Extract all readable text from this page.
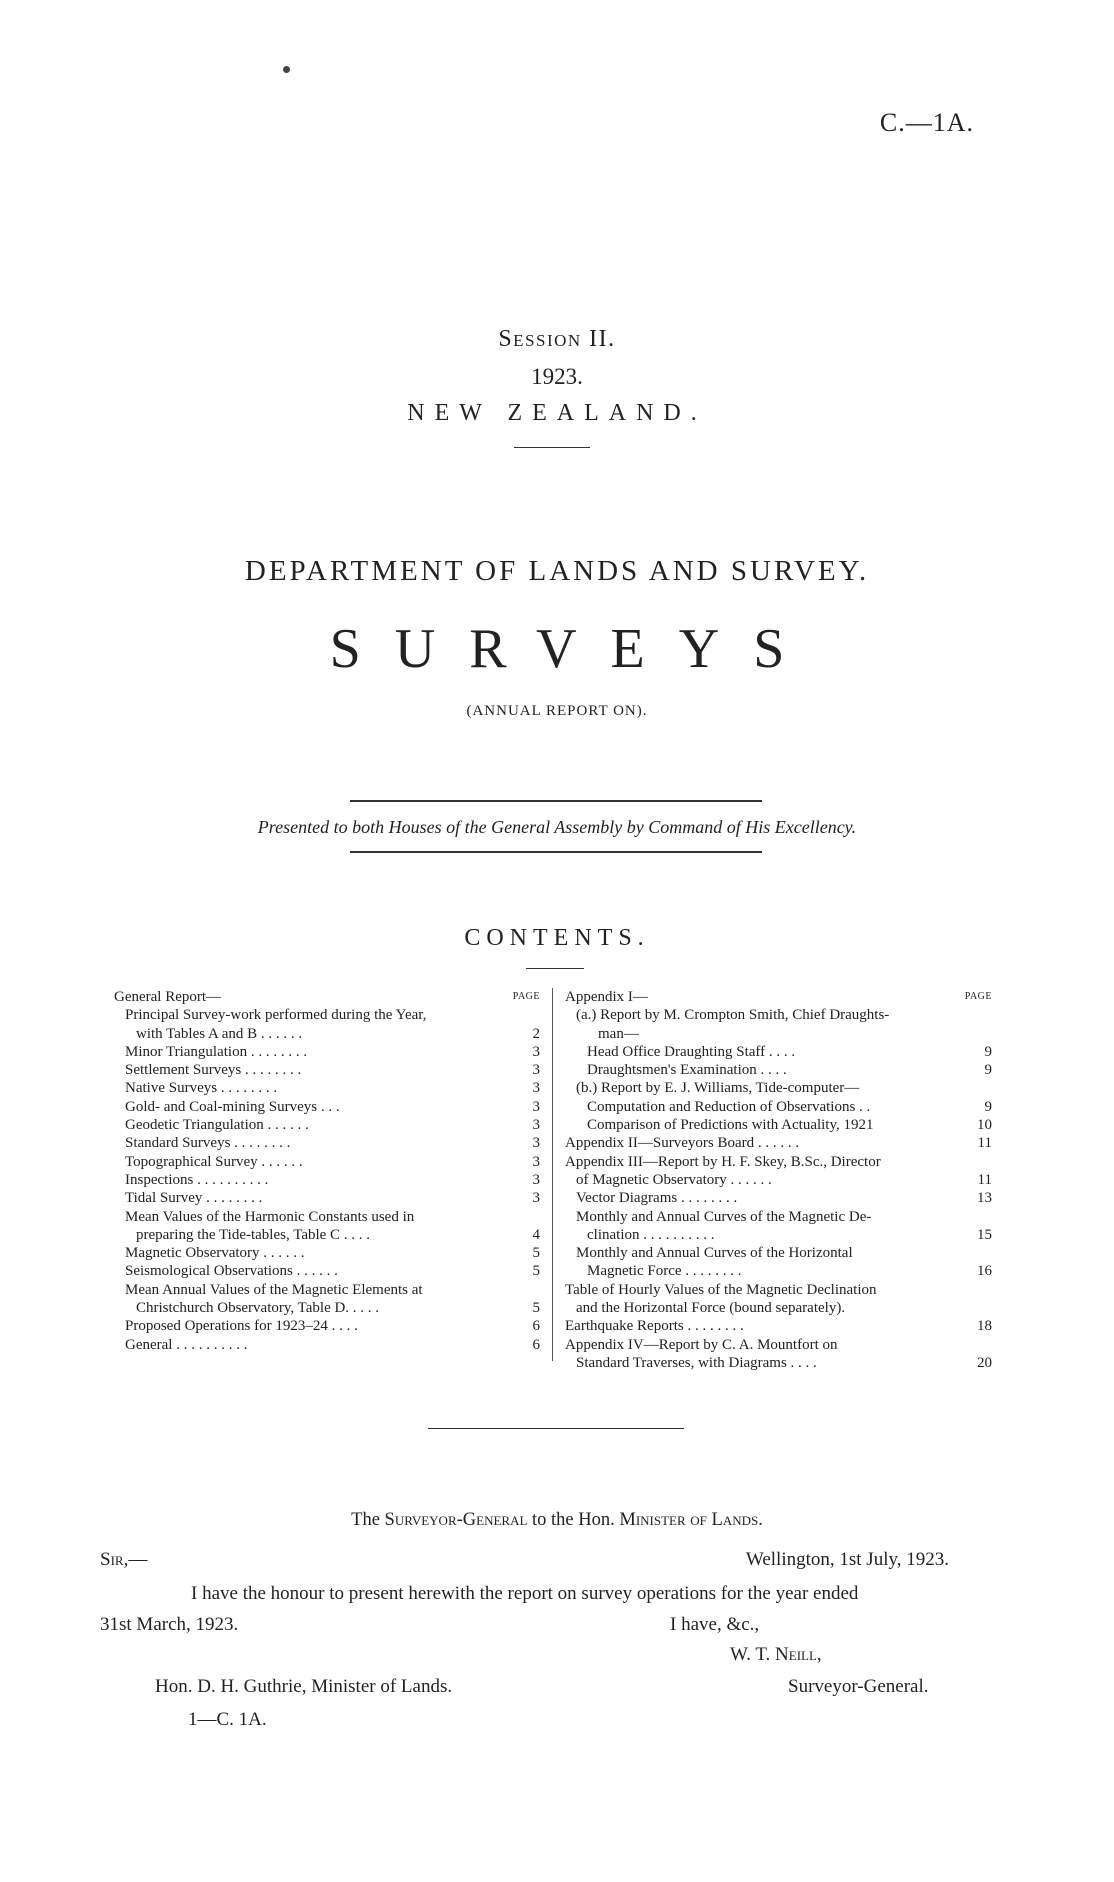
C.—1A.
Session II.
1923.
NEW ZEALAND.
DEPARTMENT OF LANDS AND SURVEY.
SURVEYS
(ANNUAL REPORT ON).
Presented to both Houses of the General Assembly by Command of His Excellency.
CONTENTS.
PAGE
General Report—
Principal Survey-work performed during the Year,
with Tables A and B . . . . . .	2
Minor Triangulation . . . . . . . .	3
Settlement Surveys . . . . . . . .	3
Native Surveys . . . . . . . .	3
Gold- and Coal-mining Surveys . . .	3
Geodetic Triangulation . . . . . .	3
Standard Surveys . . . . . . . .	3
Topographical Survey . . . . . .	3
Inspections . . . . . . . . . .	3
Tidal Survey . . . . . . . .	3
Mean Values of the Harmonic Constants used in
preparing the Tide-tables, Table C . . . .	4
Magnetic Observatory . . . . . .	5
Seismological Observations . . . . . .	5
Mean Annual Values of the Magnetic Elements at
Christchurch Observatory, Table D. . . . .	5
Proposed Operations for 1923–24 . . . .	6
General . . . . . . . . . .	6
PAGE
Appendix I—
(a.) Report by M. Crompton Smith, Chief Draughts-
man—
Head Office Draughting Staff . . . .	9
Draughtsmen's Examination . . . .	9
(b.) Report by E. J. Williams, Tide-computer—
Computation and Reduction of Observations . .	9
Comparison of Predictions with Actuality, 1921	10
Appendix II—Surveyors Board . . . . . .	11
Appendix III—Report by H. F. Skey, B.Sc., Director
of Magnetic Observatory . . . . . .	11
Vector Diagrams . . . . . . . .	13
Monthly and Annual Curves of the Magnetic De-
clination . . . . . . . . . .	15
Monthly and Annual Curves of the Horizontal
Magnetic Force . . . . . . . .	16
Table of Hourly Values of the Magnetic Declination
and the Horizontal Force (bound separately).
Earthquake Reports . . . . . . . .	18
Appendix IV—Report by C. A. Mountfort on
Standard Traverses, with Diagrams . . . .	20
The Surveyor-General to the Hon. Minister of Lands.
Sir,—	Wellington, 1st July, 1923.
I have the honour to present herewith the report on survey operations for the year ended
31st March, 1923.	I have, &c.,
W. T. Neill,
Hon. D. H. Guthrie, Minister of Lands.	Surveyor-General.
1—C. 1A.
